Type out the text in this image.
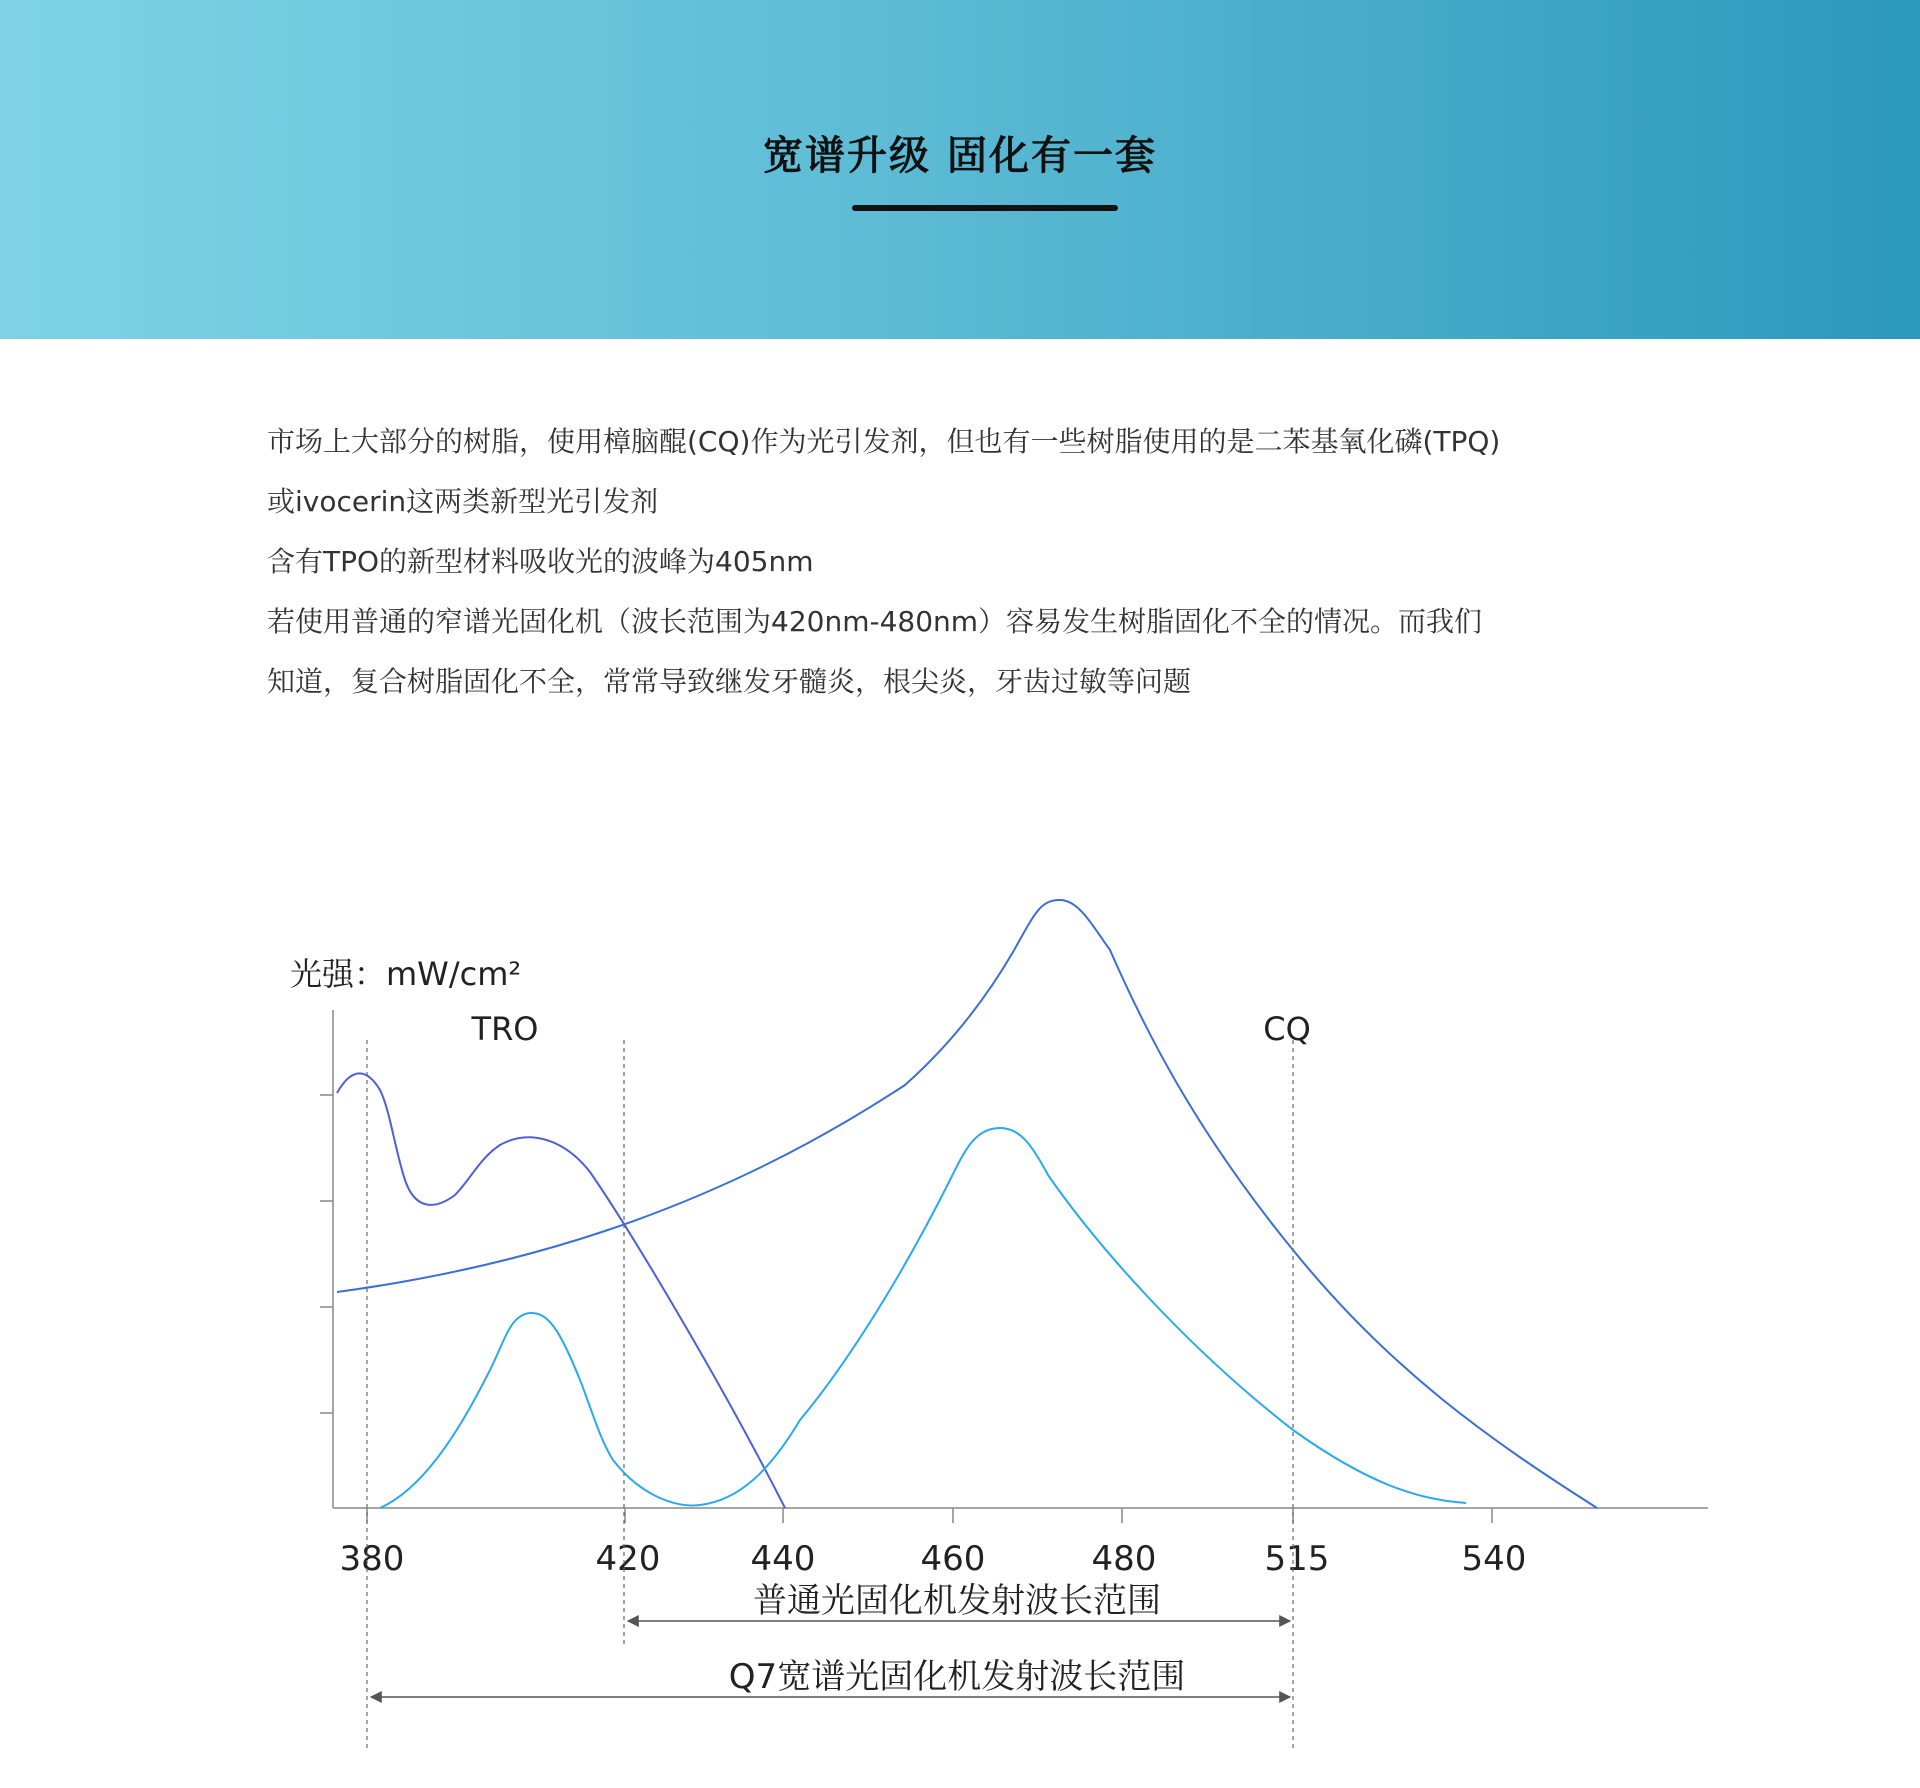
宽谱升级 固化有一套

市场上大部分的树脂，使用樟脑醌(CQ)作为光引发剂，但也有一些树脂使用的是二苯基氧化磷(TPQ)

或ivocerin这两类新型光引发剂

含有TPO的新型材料吸收光的波峰为405nm

若使用普通的窄谱光固化机（波长范围为420nm-480nm）容易发生树脂固化不全的情况。而我们

知道，复合树脂固化不全，常常导致继发牙髓炎，根尖炎，牙齿过敏等问题

光强：mW/cm²
TRO	CQ
380	420	440	460	480	515	540
普通光固化机发射波长范围
Q7宽谱光固化机发射波长范围
